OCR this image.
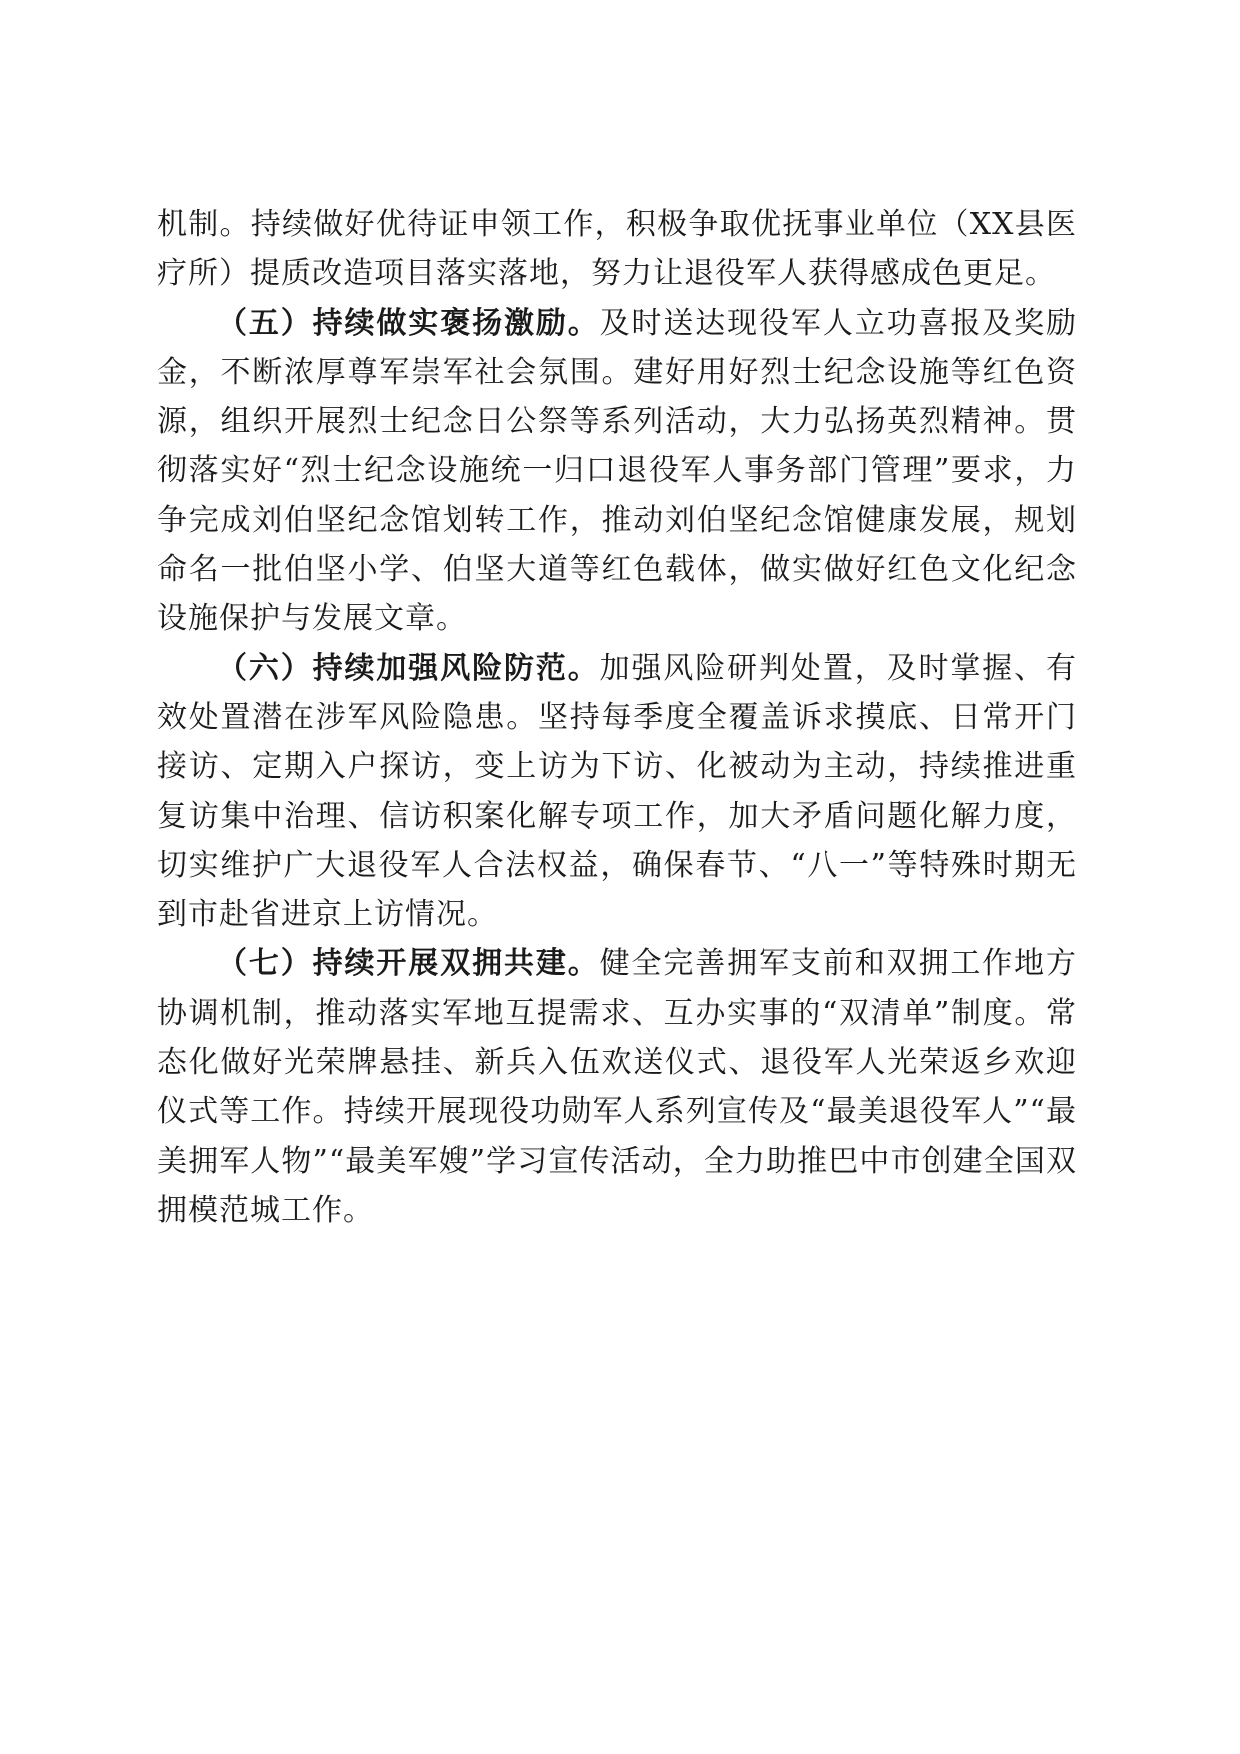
机制。持续做好优待证申领工作，积极争取优抚事业单位（XX县医疗所）提质改造项目落实落地，努力让退役军人获得感成色更足。

（五）持续做实褒扬激励。及时送达现役军人立功喜报及奖励金，不断浓厚尊军崇军社会氛围。建好用好烈士纪念设施等红色资源，组织开展烈士纪念日公祭等系列活动，大力弘扬英烈精神。贯彻落实好“烈士纪念设施统一归口退役军人事务部门管理”要求，力争完成刘伯坚纪念馆划转工作，推动刘伯坚纪念馆健康发展，规划命名一批伯坚小学、伯坚大道等红色载体，做实做好红色文化纪念设施保护与发展文章。

（六）持续加强风险防范。加强风险研判处置，及时掌握、有效处置潜在涉军风险隐患。坚持每季度全覆盖诉求摸底、日常开门接访、定期入户探访，变上访为下访、化被动为主动，持续推进重复访集中治理、信访积案化解专项工作，加大矛盾问题化解力度，切实维护广大退役军人合法权益，确保春节、“八一”等特殊时期无到市赴省进京上访情况。

（七）持续开展双拥共建。健全完善拥军支前和双拥工作地方协调机制，推动落实军地互提需求、互办实事的“双清单”制度。常态化做好光荣牌悬挂、新兵入伍欢送仪式、退役军人光荣返乡欢迎仪式等工作。持续开展现役功勋军人系列宣传及“最美退役军人”“最美拥军人物”“最美军嫂”学习宣传活动，全力助推巴中市创建全国双拥模范城工作。
